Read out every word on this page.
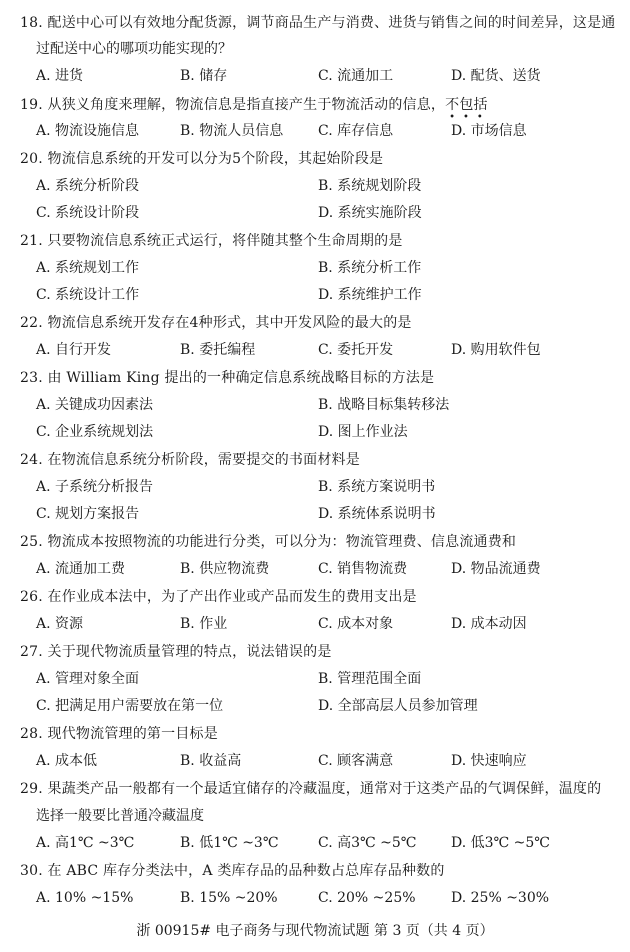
18. 配送中心可以有效地分配货源，调节商品生产与消费、进货与销售之间的时间差异，这是通
过配送中心的哪项功能实现的？
A. 进货	B. 储存	C. 流通加工	D. 配货、送货
19. 从狭义角度来理解，物流信息是指直接产生于物流活动的信息，不包括
•••
A. 物流设施信息	B. 物流人员信息 C. 库存信息	D. 市场信息
20. 物流信息系统的开发可以分为5个阶段，其起始阶段是
A. 系统分析阶段	B. 系统规划阶段
C. 系统设计阶段	D. 系统实施阶段
21. 只要物流信息系统正式运行，将伴随其整个生命周期的是
A. 系统规划工作	B. 系统分析工作
C. 系统设计工作	D. 系统维护工作
22. 物流信息系统开发存在4种形式，其中开发风险的最大的是
A. 自行开发	B. 委托编程	C. 委托开发	D. 购用软件包
23. 由 William King 提出的一种确定信息系统战略目标的方法是
A. 关键成功因素法	B. 战略目标集转移法
C. 企业系统规划法	D. 图上作业法
24. 在物流信息系统分析阶段，需要提交的书面材料是
A. 子系统分析报告	B. 系统方案说明书
C. 规划方案报告	D. 系统体系说明书
25. 物流成本按照物流的功能进行分类，可以分为：物流管理费、信息流通费和
A. 流通加工费	B. 供应物流费	C. 销售物流费	D. 物品流通费
26. 在作业成本法中，为了产出作业或产品而发生的费用支出是
A. 资源	B. 作业	C. 成本对象	D. 成本动因
27. 关于现代物流质量管理的特点，说法错误的是
A. 管理对象全面	B. 管理范围全面
C. 把满足用户需要放在第一位	D. 全部高层人员参加管理
28. 现代物流管理的第一目标是
A. 成本低	B. 收益高	C. 顾客满意	D. 快速响应
29. 果蔬类产品一般都有一个最适宜储存的冷藏温度，通常对于这类产品的气调保鲜，温度的
选择一般要比普通冷藏温度
A. 高1℃ ~3℃	B. 低1℃ ~3℃	C. 高3℃ ~5℃ D. 低3℃ ~5℃
30. 在 ABC 库存分类法中，A 类库存品的品种数占总库存品种数的
A. 10% ~15%	B. 15% ~20%	C. 20% ~25%	D. 25% ~30%
浙 00915# 电子商务与现代物流试题 第 3 页（共 4 页）
